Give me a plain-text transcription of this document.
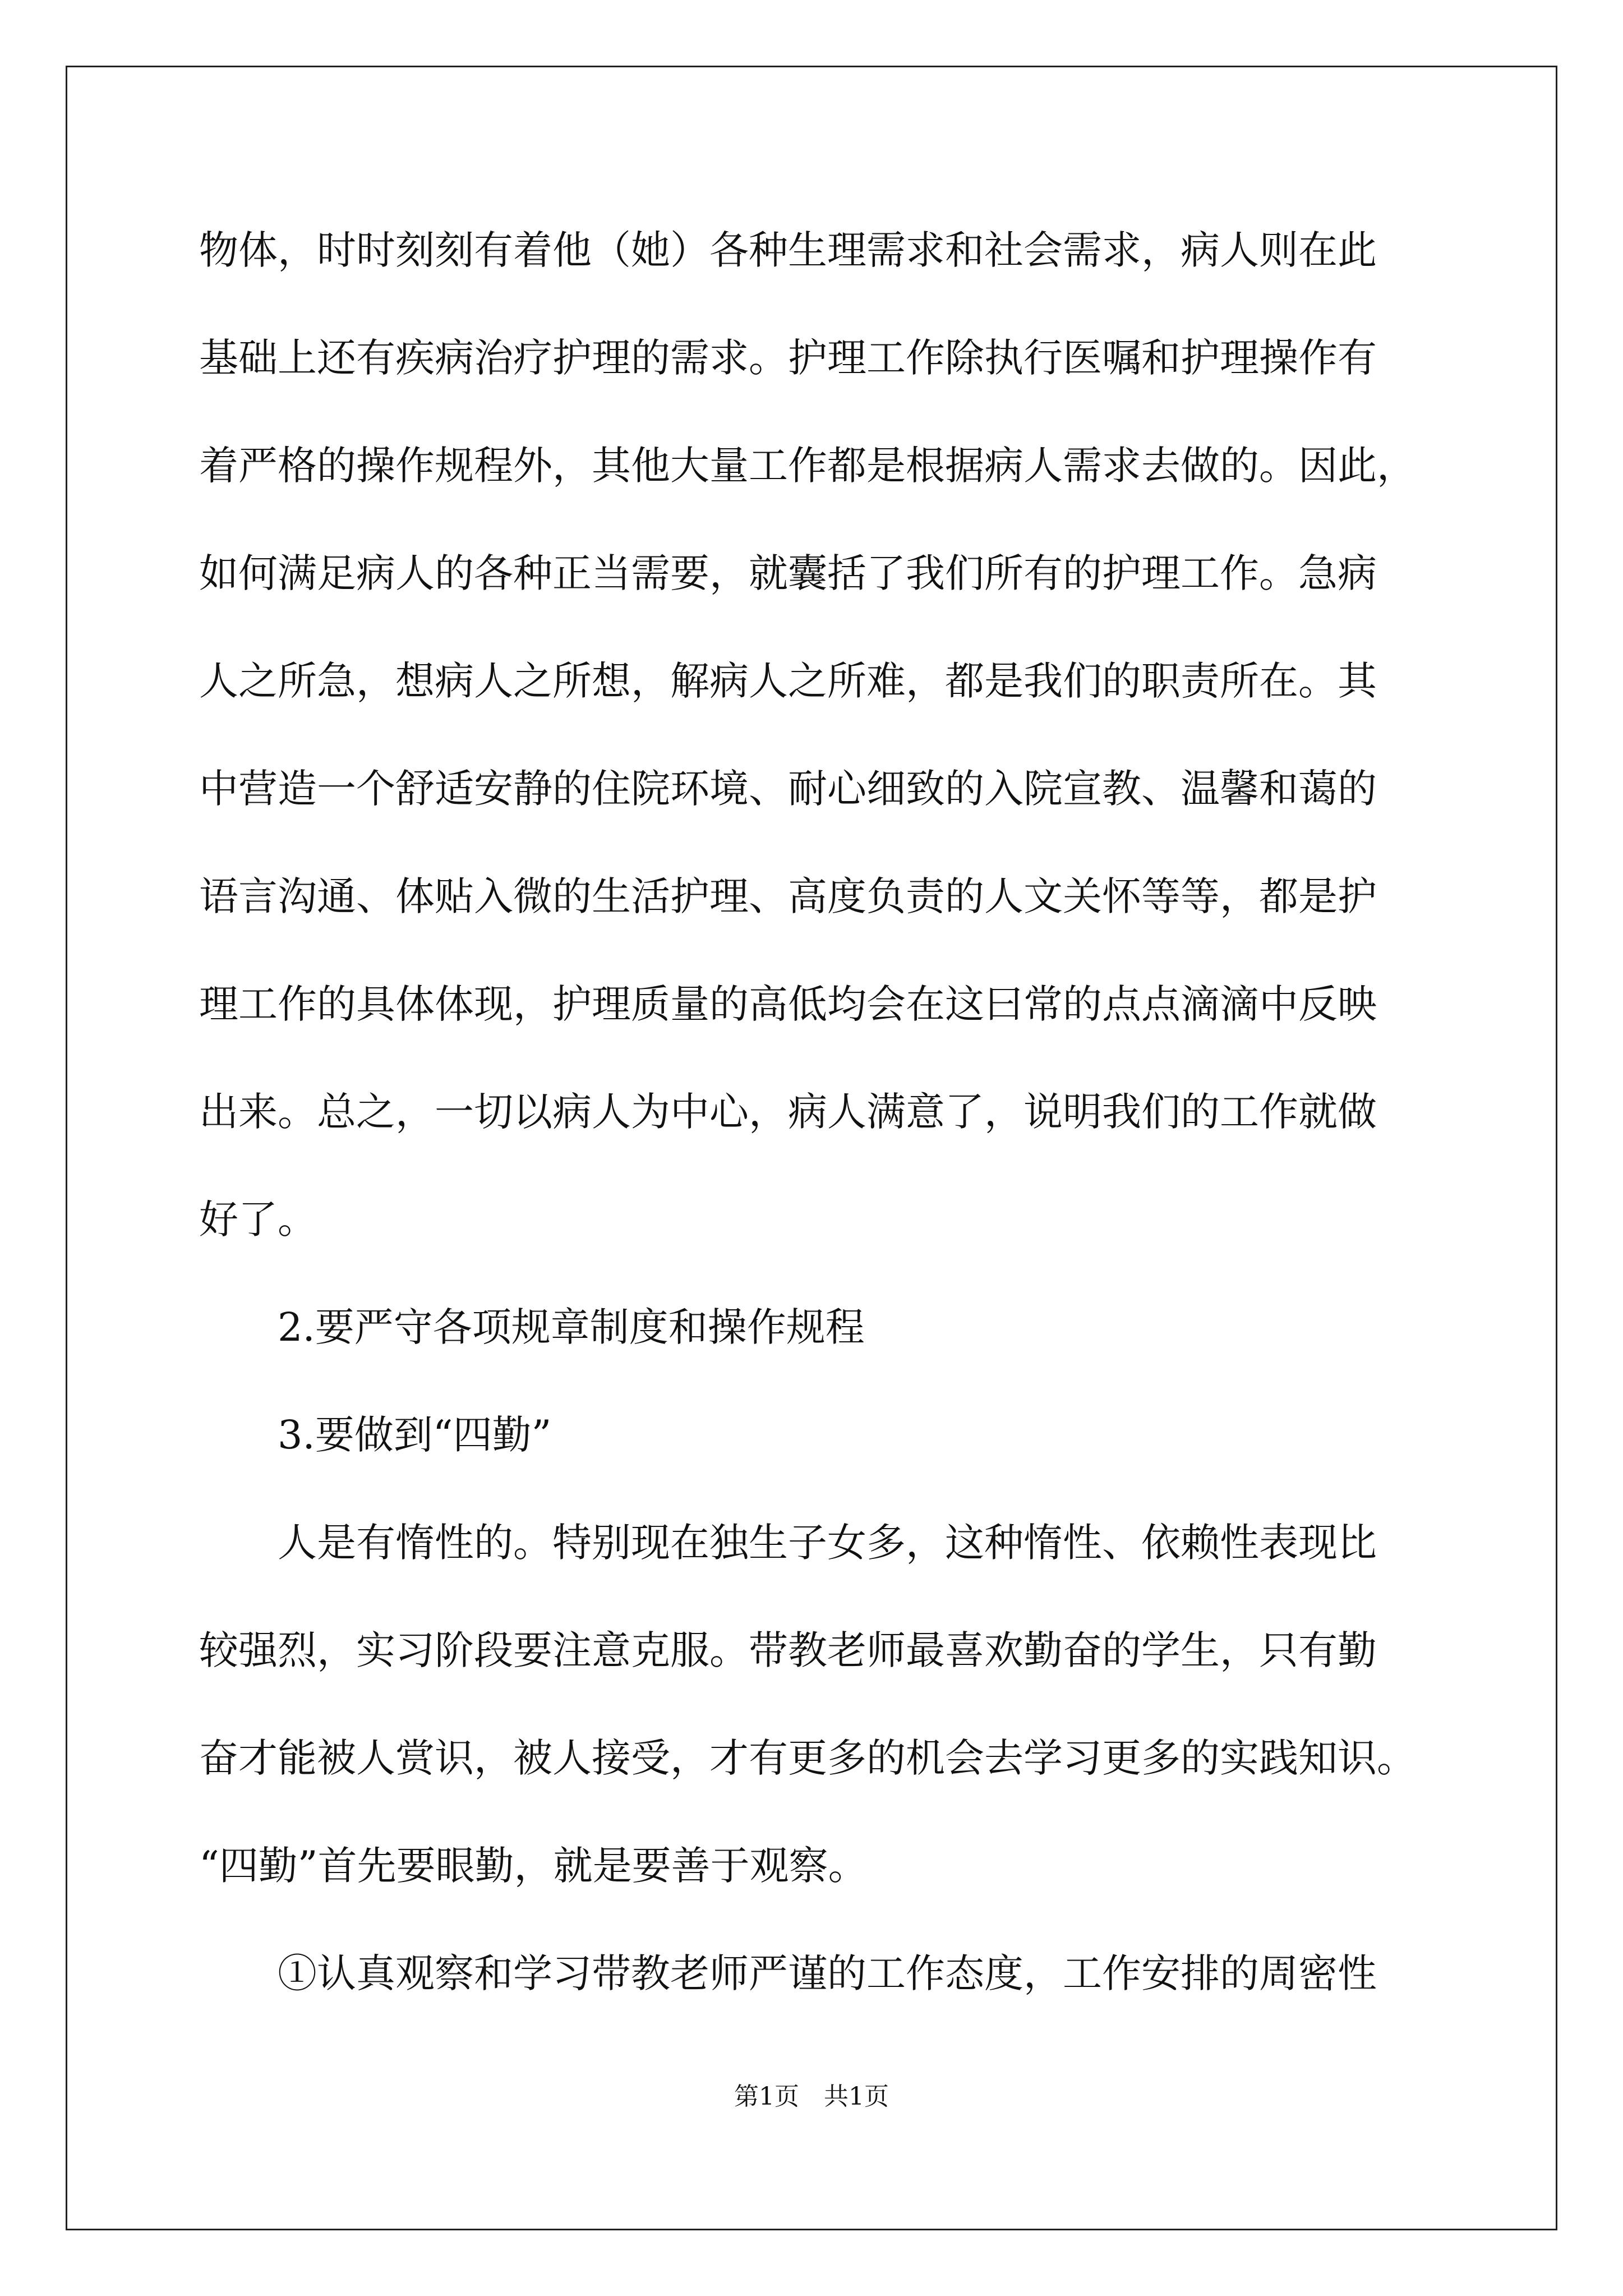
物体，时时刻刻有着他（她）各种生理需求和社会需求，病人则在此
基础上还有疾病治疗护理的需求。护理工作除执行医嘱和护理操作有
着严格的操作规程外，其他大量工作都是根据病人需求去做的。因此，
如何满足病人的各种正当需要，就囊括了我们所有的护理工作。急病
人之所急，想病人之所想，解病人之所难，都是我们的职责所在。其
中营造一个舒适安静的住院环境、耐心细致的入院宣教、温馨和蔼的
语言沟通、体贴入微的生活护理、高度负责的人文关怀等等，都是护
理工作的具体体现，护理质量的高低均会在这曰常的点点滴滴中反映
出来。总之，一切以病人为中心，病人满意了，说明我们的工作就做
好了。
2.要严守各项规章制度和操作规程
3.要做到“四勤”
人是有惰性的。特别现在独生子女多，这种惰性、依赖性表现比
较强烈，实习阶段要注意克服。带教老师最喜欢勤奋的学生，只有勤
奋才能被人赏识，被人接受，才有更多的机会去学习更多的实践知识。
“四勤”首先要眼勤，就是要善于观察。
①认真观察和学习带教老师严谨的工作态度，工作安排的周密性
第1页　共1页
